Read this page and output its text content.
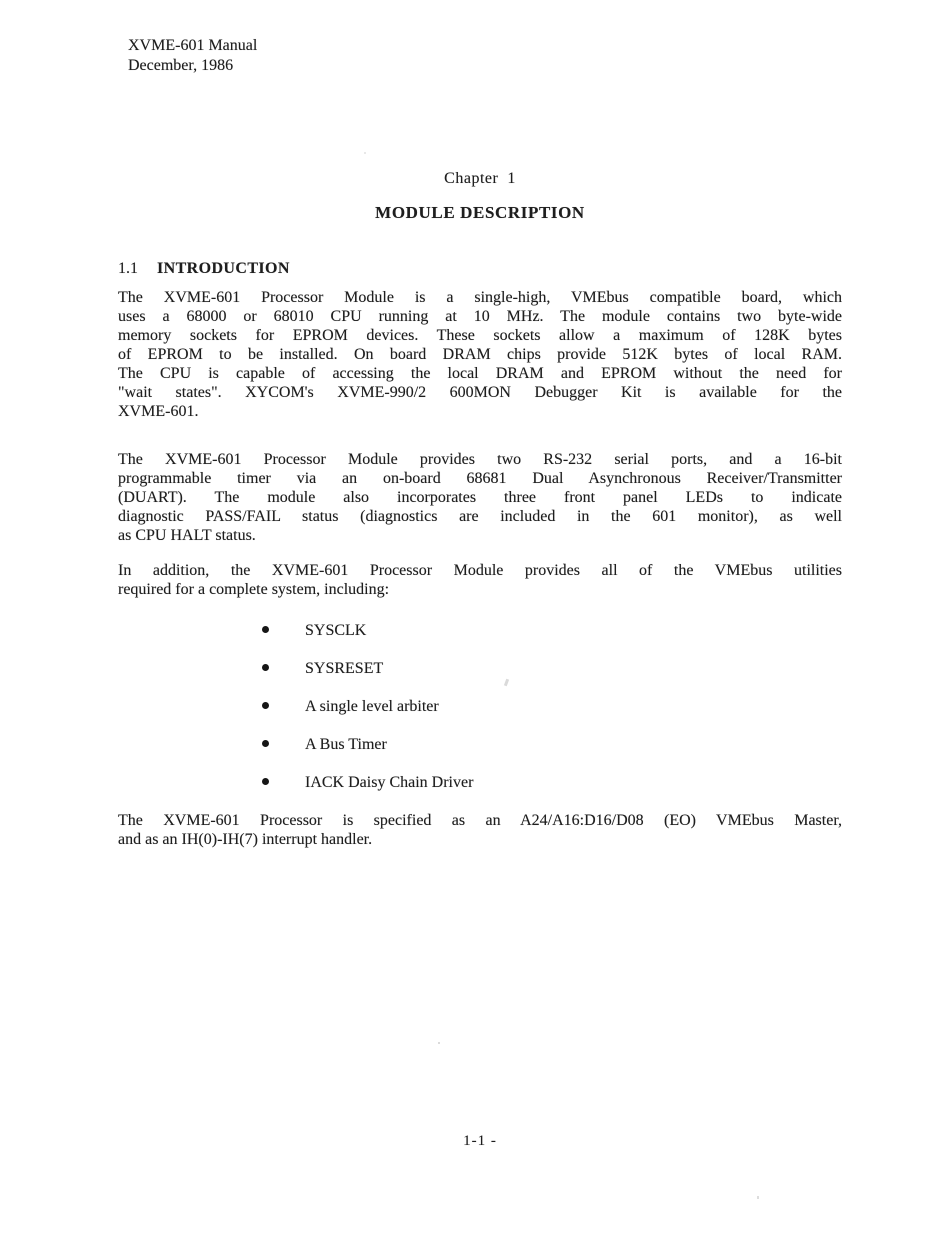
XVME-601 Manual
December, 1986
Chapter  1
MODULE DESCRIPTION
1.1 INTRODUCTION
The XVME-601 Processor Module is a single-high, VMEbus compatible board, which
uses a 68000 or 68010 CPU running at 10 MHz. The module contains two byte-wide
memory sockets for EPROM devices. These sockets allow a maximum of 128K bytes
of EPROM to be installed. On board DRAM chips provide 512K bytes of local RAM.
The CPU is capable of accessing the local DRAM and EPROM without the need for
"wait states". XYCOM's XVME-990/2 600MON Debugger Kit is available for the
XVME-601.
The XVME-601 Processor Module provides two RS-232 serial ports, and a 16-bit
programmable timer via an on-board 68681 Dual Asynchronous Receiver/Transmitter
(DUART). The module also incorporates three front panel LEDs to indicate
diagnostic PASS/FAIL status (diagnostics are included in the 601 monitor), as well
as CPU HALT status.
In addition, the XVME-601 Processor Module provides all of the VMEbus utilities
required for a complete system, including:
SYSCLK
SYSRESET
A single level arbiter
A Bus Timer
IACK Daisy Chain Driver
The XVME-601 Processor is specified as an A24/A16:D16/D08 (EO) VMEbus Master,
and as an IH(0)-IH(7) interrupt handler.
1-1 -
